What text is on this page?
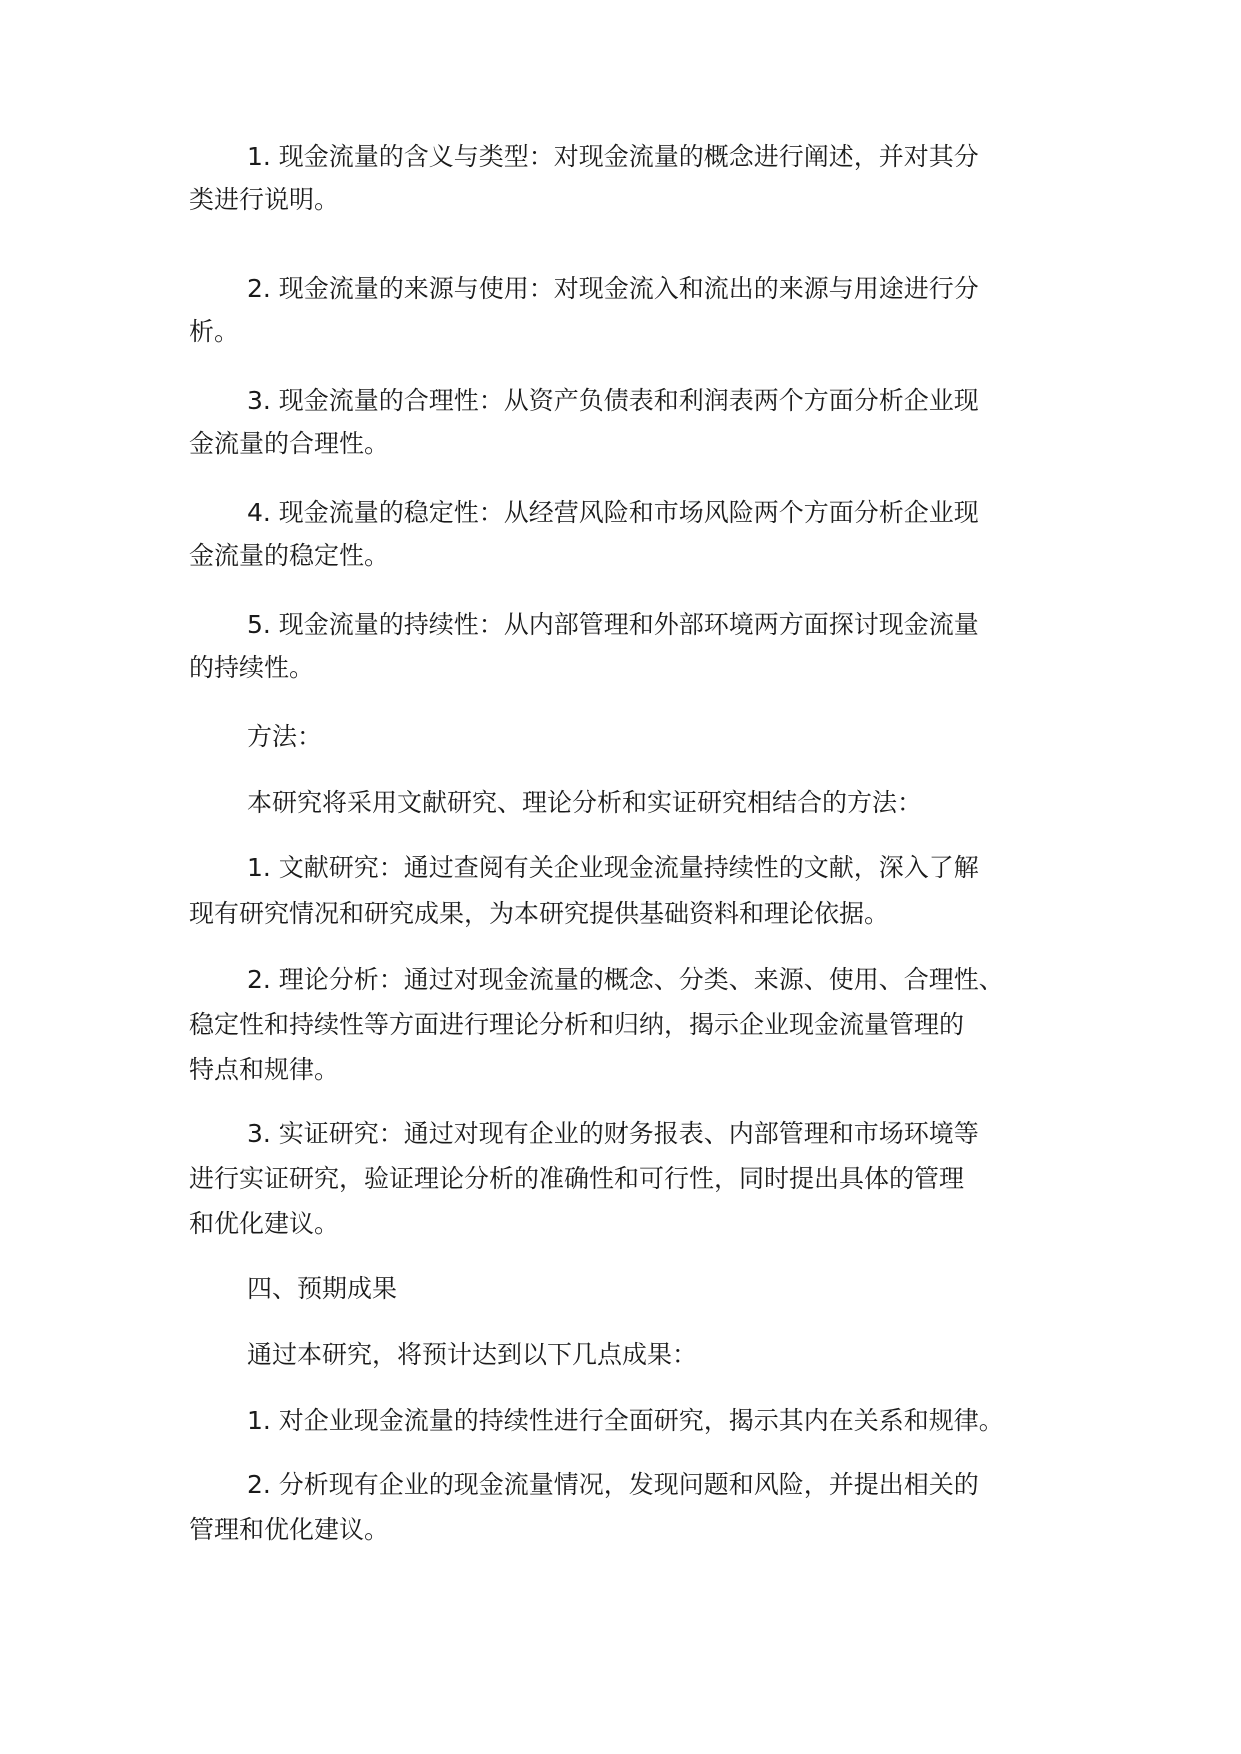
1. 现金流量的含义与类型：对现金流量的概念进行阐述，并对其分
类进行说明。
2. 现金流量的来源与使用：对现金流入和流出的来源与用途进行分
析。
3. 现金流量的合理性：从资产负债表和利润表两个方面分析企业现
金流量的合理性。
4. 现金流量的稳定性：从经营风险和市场风险两个方面分析企业现
金流量的稳定性。
5. 现金流量的持续性：从内部管理和外部环境两方面探讨现金流量
的持续性。
方法：
本研究将采用文献研究、理论分析和实证研究相结合的方法：
1. 文献研究：通过查阅有关企业现金流量持续性的文献，深入了解
现有研究情况和研究成果，为本研究提供基础资料和理论依据。
2. 理论分析：通过对现金流量的概念、分类、来源、使用、合理性、
稳定性和持续性等方面进行理论分析和归纳，揭示企业现金流量管理的
特点和规律。
3. 实证研究：通过对现有企业的财务报表、内部管理和市场环境等
进行实证研究，验证理论分析的准确性和可行性，同时提出具体的管理
和优化建议。
四、预期成果
通过本研究，将预计达到以下几点成果：
1. 对企业现金流量的持续性进行全面研究，揭示其内在关系和规律。
2. 分析现有企业的现金流量情况，发现问题和风险，并提出相关的
管理和优化建议。
